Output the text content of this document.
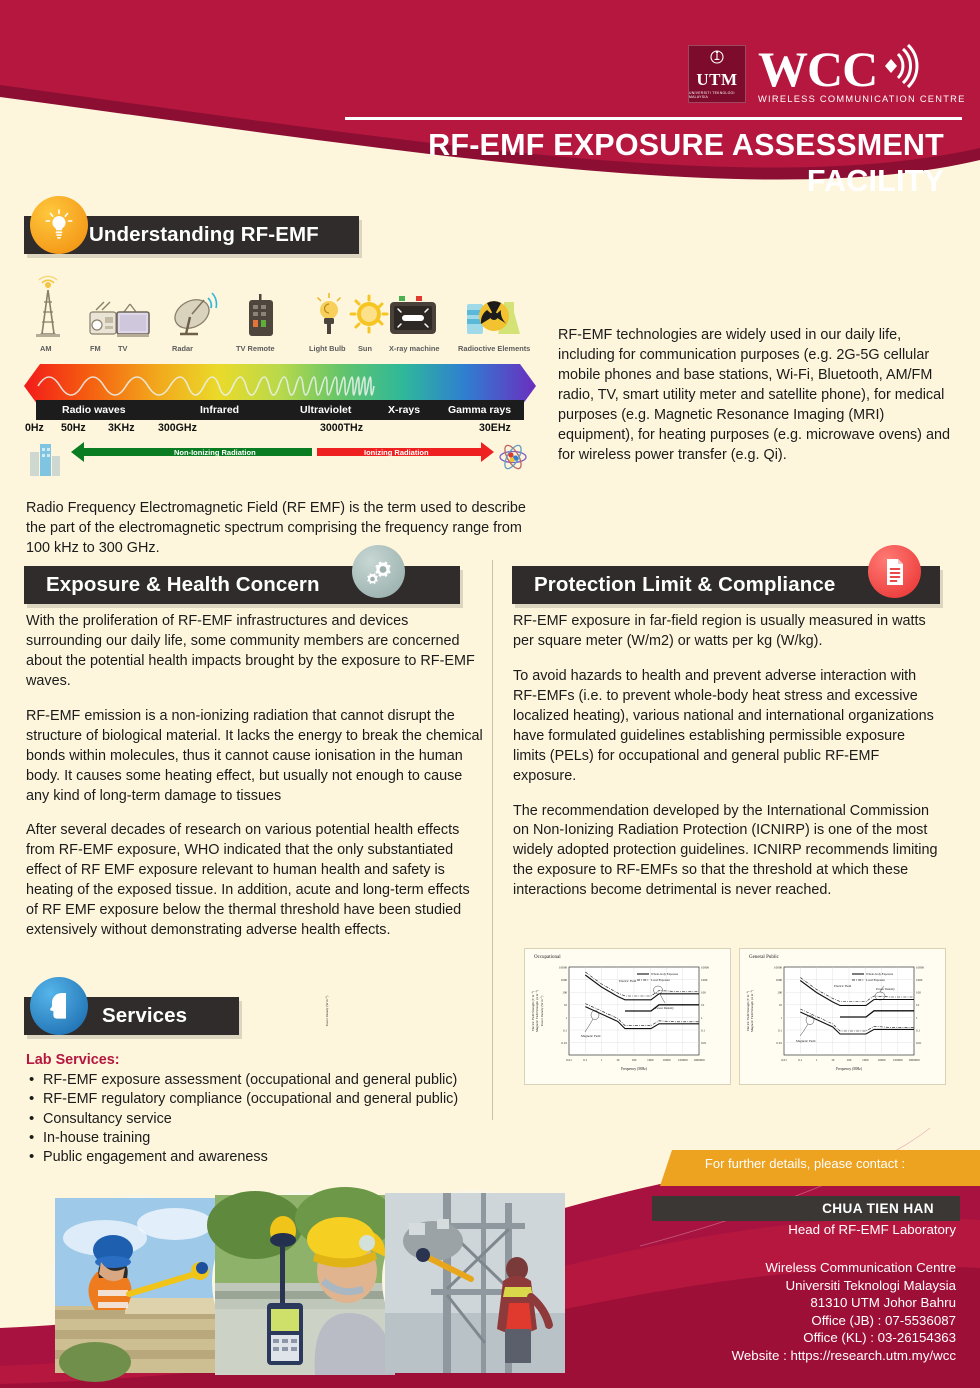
UTM
UNIVERSITI TEKNOLOGI MALAYSIA WCC
WIRELESS COMMUNICATION CENTRE
RF-EMF EXPOSURE ASSESSMENT FACILITY
Understanding RF-EMF
AM	FM TV	Radar	TV Remote	Light Bulb Sun X-ray machine Radioctive Elements
Radio waves	Infrared	Ultraviolet	X-rays	Gamma rays
0Hz 50Hz 3KHz 300GHz	3000THz	30EHz
Non-Ionizing Radiation	Ionizing Radiation
RF-EMF technologies are widely used in our daily life, including for communication purposes (e.g. 2G-5G cellular mobile phones and base stations, Wi-Fi, Bluetooth, AM/FM radio, TV, smart utility meter and satellite phone), for medical purposes (e.g. Magnetic Resonance Imaging (MRI) equipment), for heating purposes (e.g. microwave ovens) and for wireless power transfer (e.g. Qi).
Radio Frequency Electromagnetic Field (RF EMF) is the term used to describe the part of the electromagnetic spectrum comprising the frequency range from 100 kHz to 300 GHz.
Exposure & Health Concern
With the proliferation of RF-EMF infrastructures and devices surrounding our daily life, some community members are concerned about the potential health impacts brought by the exposure to RF-EMF waves.
RF-EMF emission is a non-ionizing radiation that cannot disrupt the structure of biological material. It lacks the energy to break the chemical bonds within molecules, thus it cannot cause ionisation in the human body. It causes some heating effect, but usually not enough to cause any kind of long-term damage to tissues
After several decades of research on various potential health effects from RF-EMF exposure, WHO indicated that the only substantiated effect of RF EMF exposure relevant to human health and safety is heating of the exposed tissue. In addition, acute and long-term effects of RF EMF exposure below the thermal threshold have been studied extensively without demonstrating adverse health effects.
Protection Limit & Compliance
RF-EMF exposure in far-field region is usually measured in watts per square meter (W/m2) or watts per kg (W/kg).
To avoid hazards to health and prevent adverse interaction with RF-EMFs (i.e. to prevent whole-body heat stress and excessive localized heating), various national and international organizations have formulated guidelines establishing permissible exposure limits (PELs) for occupational and general public RF-EMF exposure.
The recommendation developed by the International Commission on Non-Ionizing Radiation Protection (ICNIRP) is one of the most widely adopted protection guidelines. ICNIRP recommends limiting the exposure to RF-EMFs so that the threshold at which these interactions become detrimental is never reached.
Occupational
10000
1000
100
10
1
0.1
0.01
10000
1000
100
10
1
0.1
0.01
0.01	0.1	1	10	100	1000	10000 100000 1000000
Frequency (MHz)
Electric Field Strength (V m⁻¹) Magnetic Field Strength (A m⁻¹)
Power Density (W m⁻²)
Whole-body Exposure
Local Exposure
Electric Field
Magnetic Field
Power Density
General Public
10000
1000
100
10
1
0.1
0.01
10000
1000
100
10
1
0.1
0.01
0.01	0.1	1	10	100	1000	10000 100000 1000000
Frequency (MHz)
Electric Field Strength (V m⁻¹) Magnetic Field Strength (A m⁻¹)
Power Density (W m⁻²)
Whole-body Exposure
Local Exposure
Electric Field
Magnetic Field
Power Density
Services
Lab Services:
• RF-EMF exposure assessment (occupational and general public)
• RF-EMF regulatory compliance (occupational and general public)
• Consultancy service
• In-house training
• Public engagement and awareness	For further details, please contact :
CHUA TIEN HAN
Head of RF-EMF Laboratory
Wireless Communication Centre
Universiti Teknologi Malaysia
81310 UTM Johor Bahru
Office (JB) : 07-5536087
Office (KL) : 03-26154363
Website : https://research.utm.my/wcc
